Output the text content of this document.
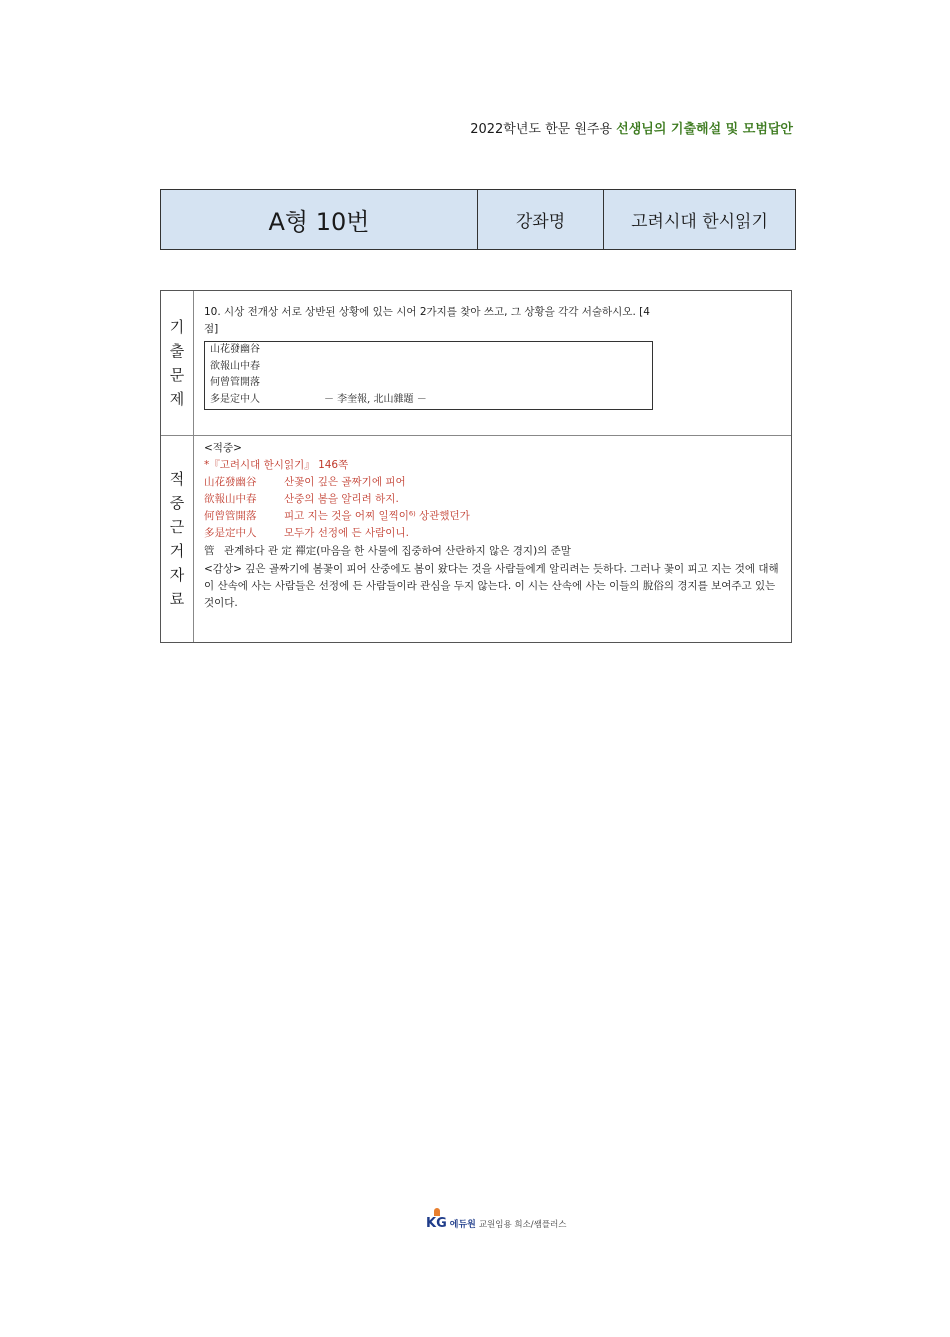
2022학년도 한문 원주용 선생님의 기출해설 및 모범답안
A형 10번	강좌명	고려시대 한시읽기
기
출
문
제
10. 시상 전개상 서로 상반된 상황에 있는 시어 2가지를 찾아 쓰고, 그 상황을 각각 서술하시오. [4점]
山花發幽谷
欲報山中春
何曾管開落
多是定中人	－ 李奎報, 北山雜題 －
적
중
근
거
자
료
<적중>
*『고려시대 한시읽기』 146쪽
山花發幽谷	산꽃이 깊은 골짜기에 피어
欲報山中春	산중의 봄을 알리려 하지.
何曾管開落	피고 지는 것을 어찌 일찍이⁶⁾ 상관했던가
多是定中人	모두가 선정에 든 사람이니.
管 관계하다 관 定 禪定(마음을 한 사물에 집중하여 산란하지 않은 경지)의 준말
<감상> 깊은 골짜기에 봄꽃이 피어 산중에도 봄이 왔다는 것을 사람들에게 알리려는 듯하다. 그러나 꽃이 피고 지는 것에 대해 이 산속에 사는 사람들은 선정에 든 사람들이라 관심을 두지 않는다. 이 시는 산속에 사는 이들의 脫俗의 경지를 보여주고 있는 것이다.
KG 에듀원 교원임용 희소/쌤플러스
